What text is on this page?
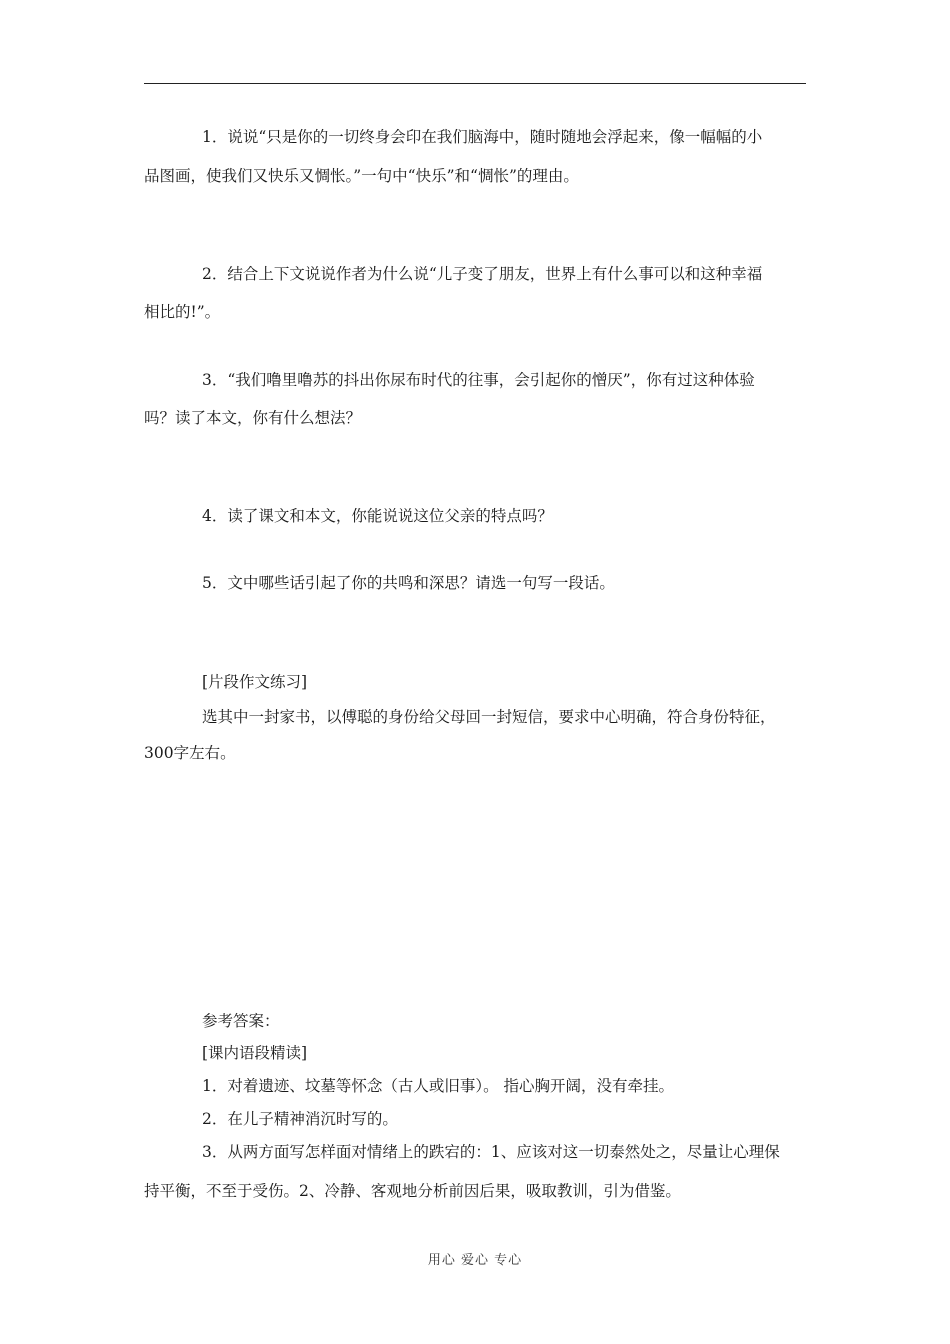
1．说说“只是你的一切终身会印在我们脑海中，随时随地会浮起来，像一幅幅的小
品图画，使我们又快乐又惆怅。”一句中“快乐”和“惆怅”的理由。
2．结合上下文说说作者为什么说“儿子变了朋友，世界上有什么事可以和这种幸福
相比的!”。
3．“我们噜里噜苏的抖出你尿布时代的往事，会引起你的憎厌”，你有过这种体验
吗？读了本文，你有什么想法？
4．读了课文和本文，你能说说这位父亲的特点吗？
5．文中哪些话引起了你的共鸣和深思？请选一句写一段话。
[片段作文练习]
选其中一封家书，以傅聪的身份给父母回一封短信，要求中心明确，符合身份特征，
300字左右。
参考答案：
[课内语段精读]
1．对着遗迹、坟墓等怀念（古人或旧事）。 指心胸开阔，没有牵挂。
2．在儿子精神消沉时写的。
3．从两方面写怎样面对情绪上的跌宕的：1、应该对这一切泰然处之，尽量让心理保
持平衡，不至于受伤。2、冷静、客观地分析前因后果，吸取教训，引为借鉴。
用心 爱心 专心
